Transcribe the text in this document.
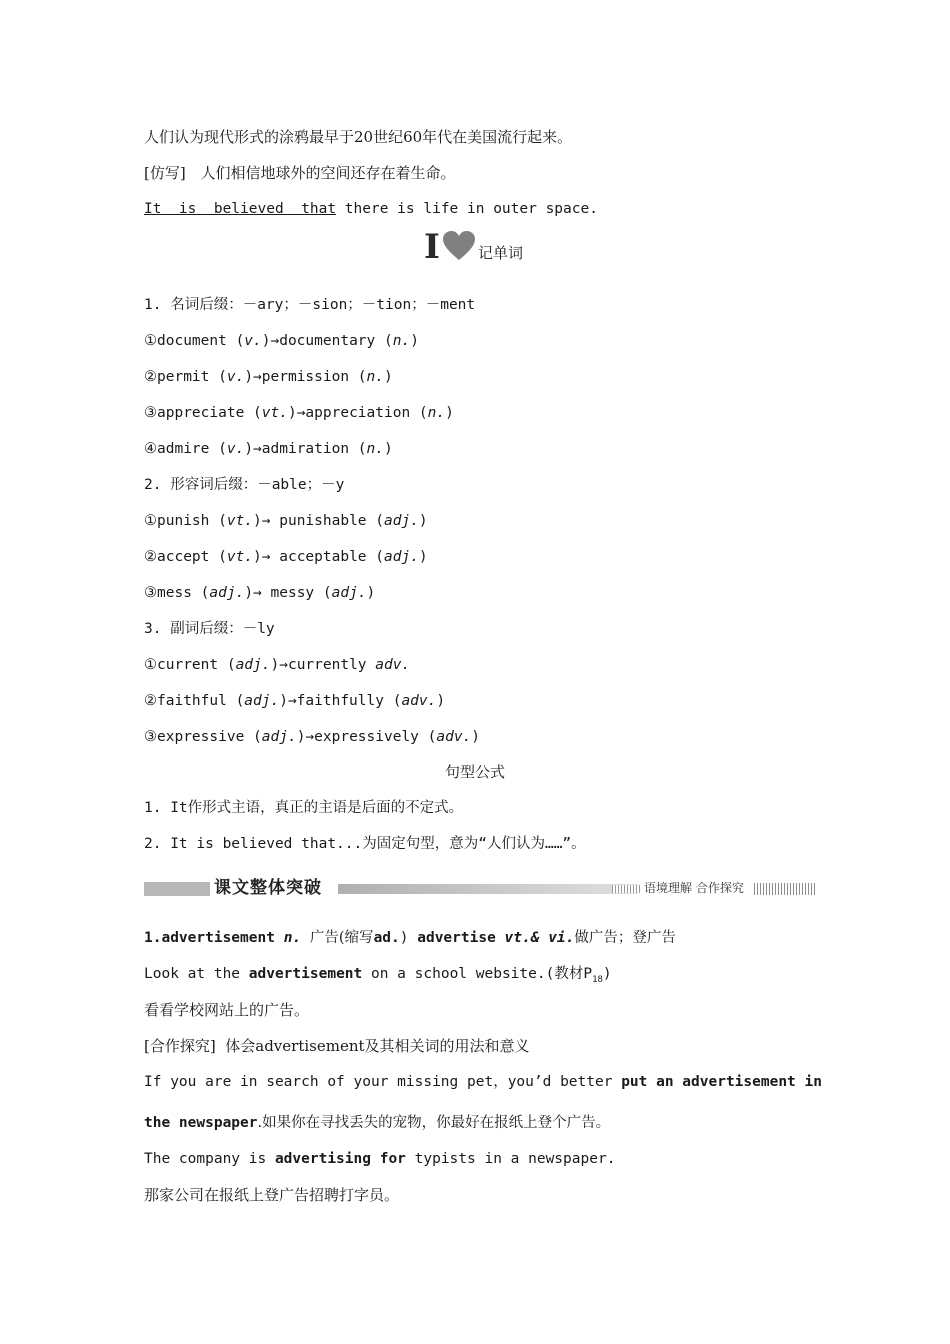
人们认为现代形式的涂鸦最早于20世纪60年代在美国流行起来。
[仿写] 人们相信地球外的空间还存在着生命。
It  is  believed  that there is life in outer space.
I	记单词
1. 名词后缀：－ary；－sion；－tion；－ment
①document (v.)→documentary (n.)
②permit (v.)→permission (n.)
③appreciate (vt.)→appreciation (n.)
④admire (v.)→admiration (n.)
2. 形容词后缀：－able；－y
①punish (vt.)→ punishable (adj.)
②accept (vt.)→ acceptable (adj.)
③mess (adj.)→ messy (adj.)
3. 副词后缀：－ly
①current (adj.)→currently adv.
②faithful (adj.)→faithfully (adv.)
③expressive (adj.)→expressively (adv.)
句型公式
1. It作形式主语，真正的主语是后面的不定式。
2. It is believed that...为固定句型，意为“人们认为……”。
课文整体突破	语境理解 合作探究
1.advertisement n. 广告(缩写ad.) advertise vt.& vi.做广告；登广告
Look at the advertisement on a school website.(教材$P_{18}$)
看看学校网站上的广告。
[合作探究] 体会advertisement及其相关词的用法和意义
If you are in search of your missing pet，you’d better put an advertisement in
the newspaper.如果你在寻找丢失的宠物，你最好在报纸上登个广告。
The company is advertising for typists in a newspaper.
那家公司在报纸上登广告招聘打字员。
